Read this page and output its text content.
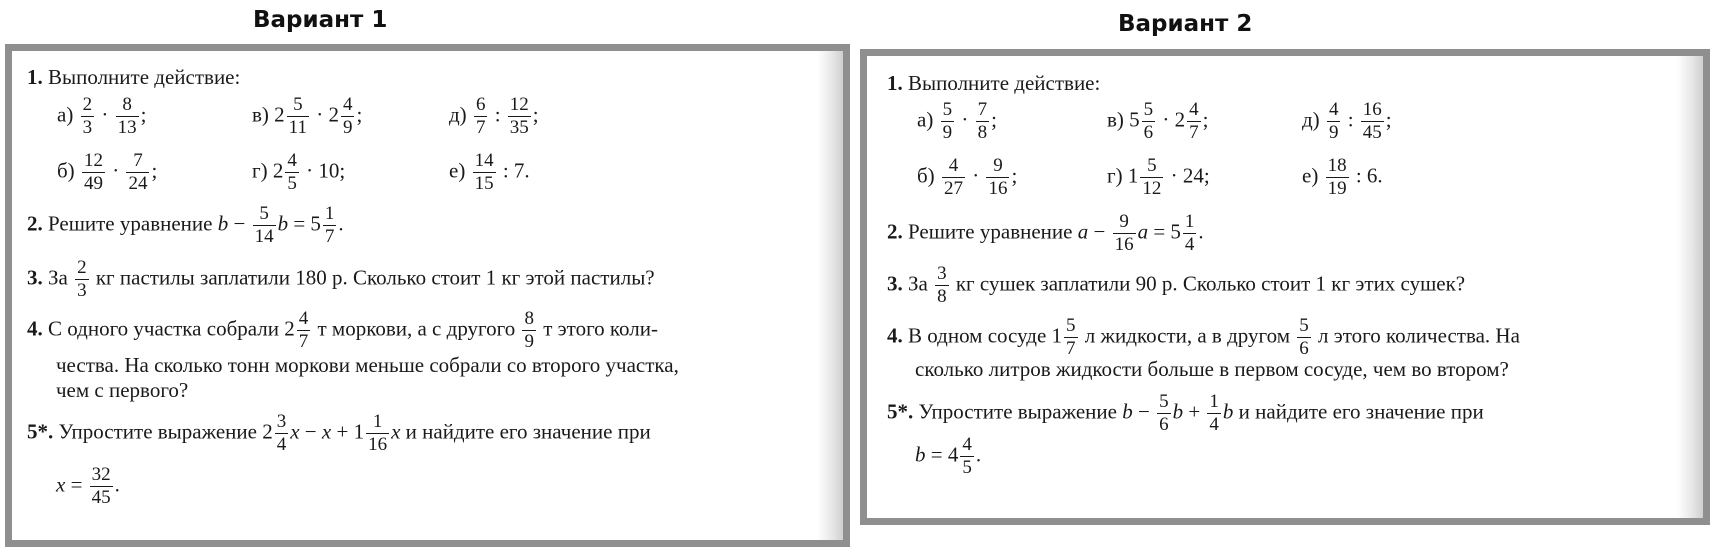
Вариант 1	Вариант 2
1. Выполните действие:
$а) \frac{2}{3} \cdot \frac{8}{13}$ ;	в) $2 \frac{5}{11} \cdot 2 \frac{4}{9}$ ;	$д) \frac{6}{7}$ : $\frac{12}{35}$ ;
$б) \frac{12}{49} \cdot \frac{7}{24}$ ;	г) $2 \frac{4}{5} \cdot 10$;	$е) \frac{14}{15}$ : 7.
2. Решите уравнение $b - \frac{5}{14}$ $b = 5 \frac{1}{7}$ .
3. За $\frac{2}{3}$ кг пастилы заплатили 180 р. Сколько стоит 1 кг этой пастилы?
4. С одного участка собрали $2 \frac{4}{7}$ т моркови, а с другого $\frac{8}{9}$ т этого коли-
чества. На сколько тонн моркови меньше собрали со второго участка,
чем с первого?
5*. Упростите выражение $2 \frac{3}{4}$ $x - x + 1 \frac{1}{16}$ x и найдите его значение при
$x = \frac{32}{45}$ .
1. Выполните действие:
$а) \frac{5}{9} \cdot \frac{7}{8}$ ;	в) $5 \frac{5}{6} \cdot 2 \frac{4}{7}$ ;	$д) \frac{4}{9}$ : $\frac{16}{45}$ ;
$б) \frac{4}{27} \cdot \frac{9}{16}$ ;	г) $1 \frac{5}{12} \cdot 24$;	$е) \frac{18}{19}$ : 6.
2. Решите уравнение $a - \frac{9}{16}$ $a = 5 \frac{1}{4}$ .
3. За $\frac{3}{8}$ кг сушек заплатили 90 р. Сколько стоит 1 кг этих сушек?
4. В одном сосуде $1 \frac{5}{7}$ л жидкости, а в другом $\frac{5}{6}$ л этого количества. На
сколько литров жидкости больше в первом сосуде, чем во втором?
5*. Упростите выражение $b - \frac{5}{6}$ $b + \frac{1}{4}$ b и найдите его значение при
$b = 4 \frac{4}{5}$ .
